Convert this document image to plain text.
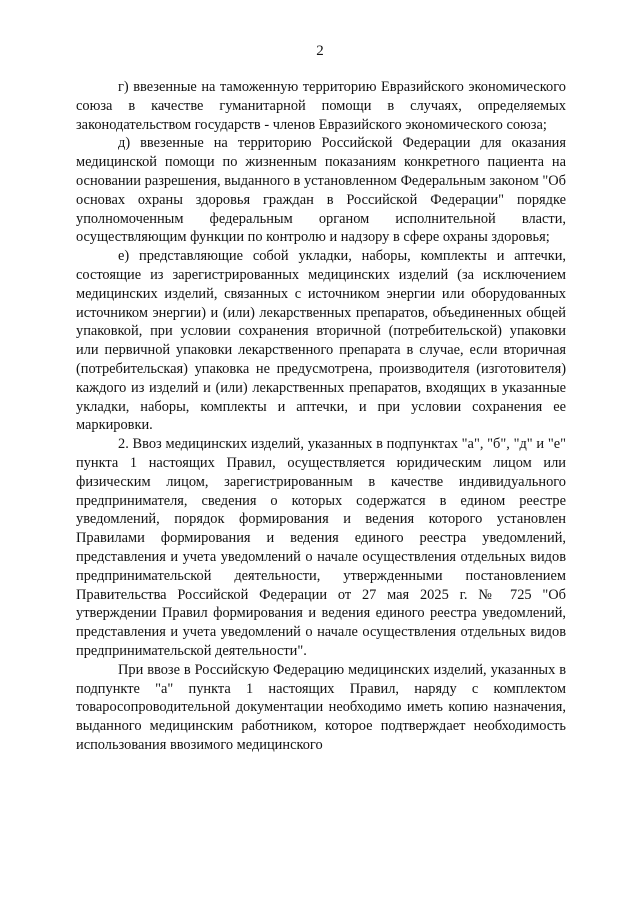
2

г) ввезенные на таможенную территорию Евразийского экономического союза в качестве гуманитарной помощи в случаях, определяемых законодательством государств - членов Евразийского экономического союза;

д) ввезенные на территорию Российской Федерации для оказания медицинской помощи по жизненным показаниям конкретного пациента на основании разрешения, выданного в установленном Федеральным законом "Об основах охраны здоровья граждан в Российской Федерации" порядке уполномоченным федеральным органом исполнительной власти, осуществляющим функции по контролю и надзору в сфере охраны здоровья;

е) представляющие собой укладки, наборы, комплекты и аптечки, состоящие из зарегистрированных медицинских изделий (за исключением медицинских изделий, связанных с источником энергии или оборудованных источником энергии) и (или) лекарственных препаратов, объединенных общей упаковкой, при условии сохранения вторичной (потребительской) упаковки или первичной упаковки лекарственного препарата в случае, если вторичная (потребительская) упаковка не предусмотрена, производителя (изготовителя) каждого из изделий и (или) лекарственных препаратов, входящих в указанные укладки, наборы, комплекты и аптечки, и при условии сохранения ее маркировки.

2. Ввоз медицинских изделий, указанных в подпунктах "а", "б", "д" и "е" пункта 1 настоящих Правил, осуществляется юридическим лицом или физическим лицом, зарегистрированным в качестве индивидуального предпринимателя, сведения о которых содержатся в едином реестре уведомлений, порядок формирования и ведения которого установлен Правилами формирования и ведения единого реестра уведомлений, представления и учета уведомлений о начале осуществления отдельных видов предпринимательской деятельности, утвержденными постановлением Правительства Российской Федерации от 27 мая 2025 г. № 725 "Об утверждении Правил формирования и ведения единого реестра уведомлений, представления и учета уведомлений о начале осуществления отдельных видов предпринимательской деятельности".

При ввозе в Российскую Федерацию медицинских изделий, указанных в подпункте "а" пункта 1 настоящих Правил, наряду с комплектом товаросопроводительной документации необходимо иметь копию назначения, выданного медицинским работником, которое подтверждает необходимость использования ввозимого медицинского
